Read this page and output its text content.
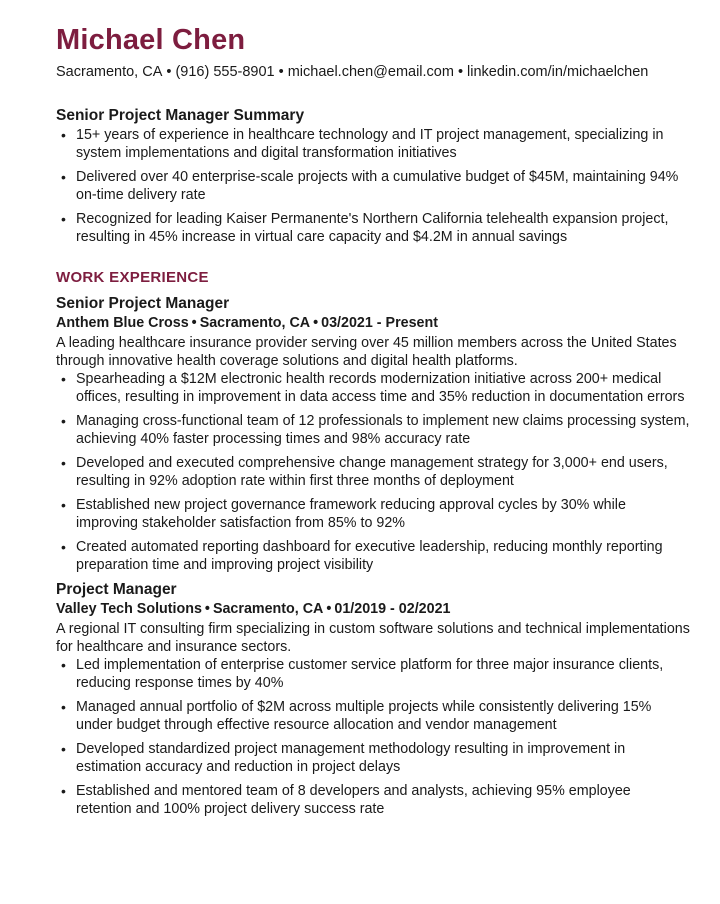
Michael Chen
Sacramento, CA • (916) 555-8901 • michael.chen@email.com • linkedin.com/in/michaelchen
Senior Project Manager Summary
• 15+ years of experience in healthcare technology and IT project management, specializing in system implementations and digital transformation initiatives
• Delivered over 40 enterprise-scale projects with a cumulative budget of $45M, maintaining 94% on-time delivery rate
• Recognized for leading Kaiser Permanente's Northern California telehealth expansion project, resulting in 45% increase in virtual care capacity and $4.2M in annual savings
WORK EXPERIENCE
Senior Project Manager
Anthem Blue Cross • Sacramento, CA • 03/2021 - Present
A leading healthcare insurance provider serving over 45 million members across the United States through innovative health coverage solutions and digital health platforms.
• Spearheading a $12M electronic health records modernization initiative across 200+ medical offices, resulting in improvement in data access time and 35% reduction in documentation errors
• Managing cross-functional team of 12 professionals to implement new claims processing system, achieving 40% faster processing times and 98% accuracy rate
• Developed and executed comprehensive change management strategy for 3,000+ end users, resulting in 92% adoption rate within first three months of deployment
• Established new project governance framework reducing approval cycles by 30% while improving stakeholder satisfaction from 85% to 92%
• Created automated reporting dashboard for executive leadership, reducing monthly reporting preparation time and improving project visibility
Project Manager
Valley Tech Solutions • Sacramento, CA • 01/2019 - 02/2021
A regional IT consulting firm specializing in custom software solutions and technical implementations for healthcare and insurance sectors.
• Led implementation of enterprise customer service platform for three major insurance clients, reducing response times by 40%
• Managed annual portfolio of $2M across multiple projects while consistently delivering 15% under budget through effective resource allocation and vendor management
• Developed standardized project management methodology resulting in improvement in estimation accuracy and reduction in project delays
• Established and mentored team of 8 developers and analysts, achieving 95% employee retention and 100% project delivery success rate
